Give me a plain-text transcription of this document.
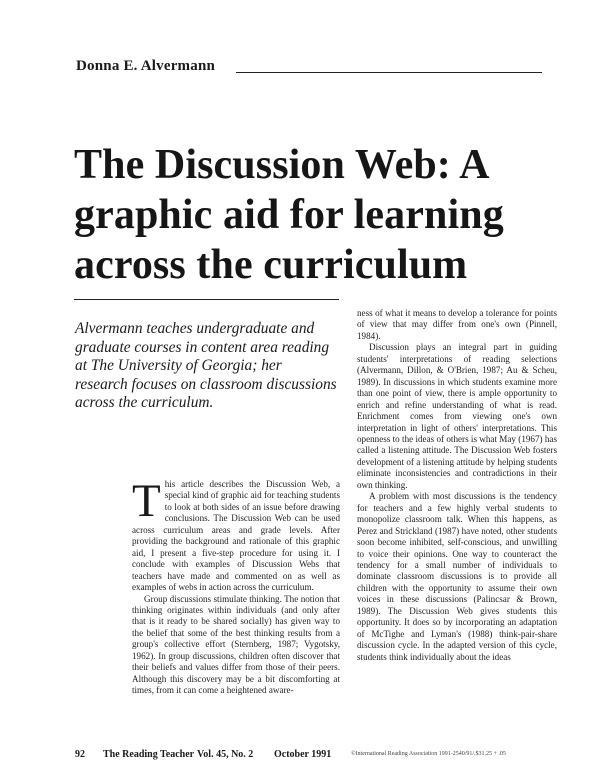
Donna E. Alvermann
The Discussion Web: A graphic aid for learning across the curriculum

Alvermann teaches undergraduate and graduate courses in content area reading at The University of Georgia; her research focuses on classroom discussions across the curriculum.

This article describes the Discussion Web, a special kind of graphic aid for teaching students to look at both sides of an issue before drawing conclusions. The Discussion Web can be used across curriculum areas and grade levels. After providing the background and rationale of this graphic aid, I present a five-step procedure for using it. I conclude with examples of Discussion Webs that teachers have made and commented on as well as examples of webs in action across the curriculum.

Group discussions stimulate thinking. The notion that thinking originates within individuals (and only after that is it ready to be shared socially) has given way to the belief that some of the best thinking results from a group's collective effort (Sternberg, 1987; Vygotsky, 1962). In group discussions, children often discover that their beliefs and values differ from those of their peers. Although this discovery may be a bit discomforting at times, from it can come a heightened aware-

ness of what it means to develop a tolerance for points of view that may differ from one's own (Pinnell, 1984).

Discussion plays an integral part in guiding students' interpretations of reading selections (Alvermann, Dillon, & O'Brien, 1987; Au & Scheu, 1989). In discussions in which students examine more than one point of view, there is ample opportunity to enrich and refine understanding of what is read. Enrichment comes from viewing one's own interpretation in light of others' interpretations. This openness to the ideas of others is what May (1967) has called a listening attitude. The Discussion Web fosters development of a listening attitude by helping students eliminate inconsistencies and contradictions in their own thinking.

A problem with most discussions is the tendency for teachers and a few highly verbal students to monopolize classroom talk. When this happens, as Perez and Strickland (1987) have noted, other students soon become inhibited, self-conscious, and unwilling to voice their opinions. One way to counteract the tendency for a small number of individuals to dominate classroom discussions is to provide all children with the opportunity to assume their own voices in these discussions (Palincsar & Brown, 1989). The Discussion Web gives students this opportunity. It does so by incorporating an adaptation of McTighe and Lyman's (1988) think-pair-share discussion cycle. In the adapted version of this cycle, students think individually about the ideas

92 The Reading Teacher Vol. 45, No. 2 October 1991	©International Reading Association 1991-2540/91/.$31.25 + .05
